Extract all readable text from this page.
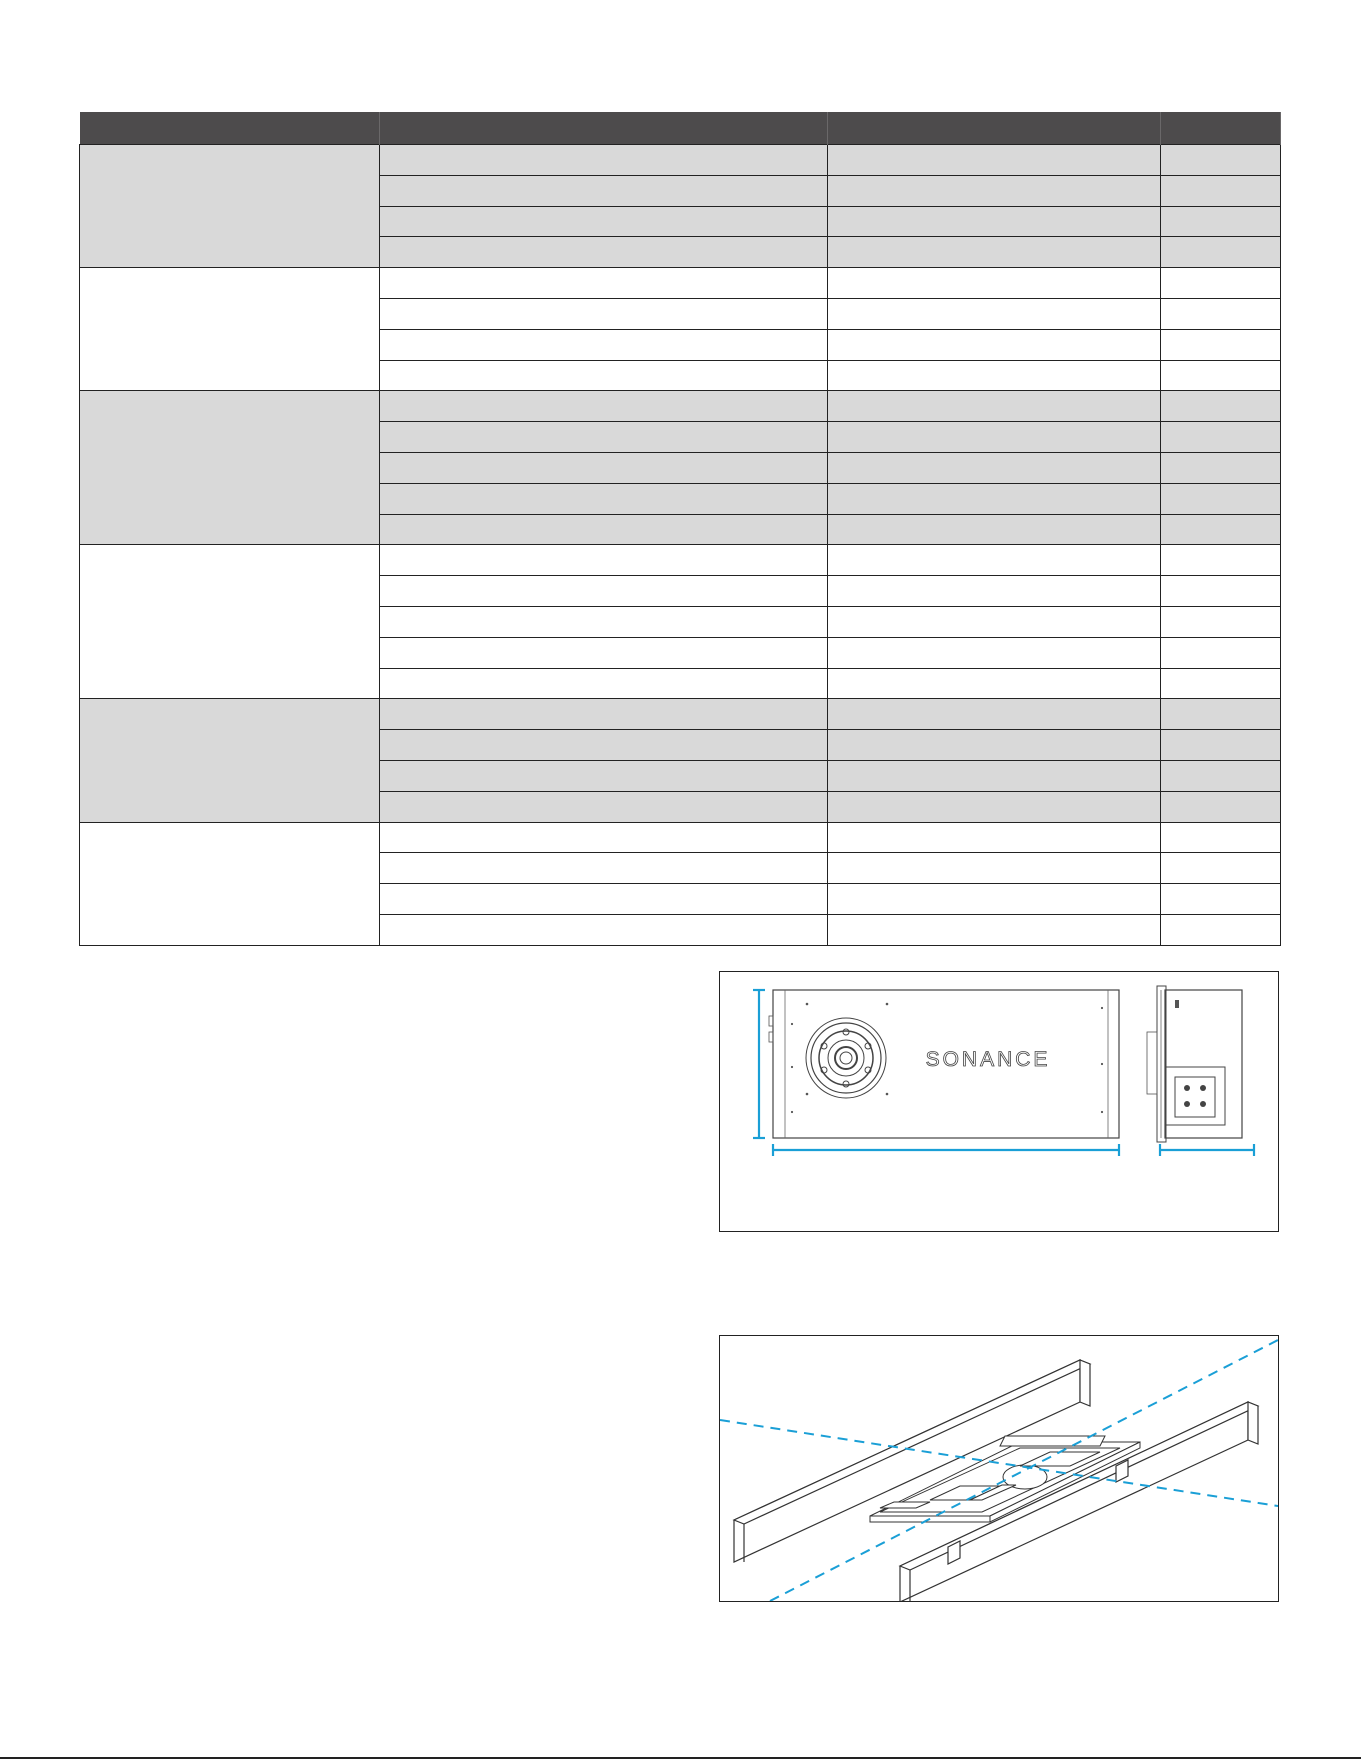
SONANCE
